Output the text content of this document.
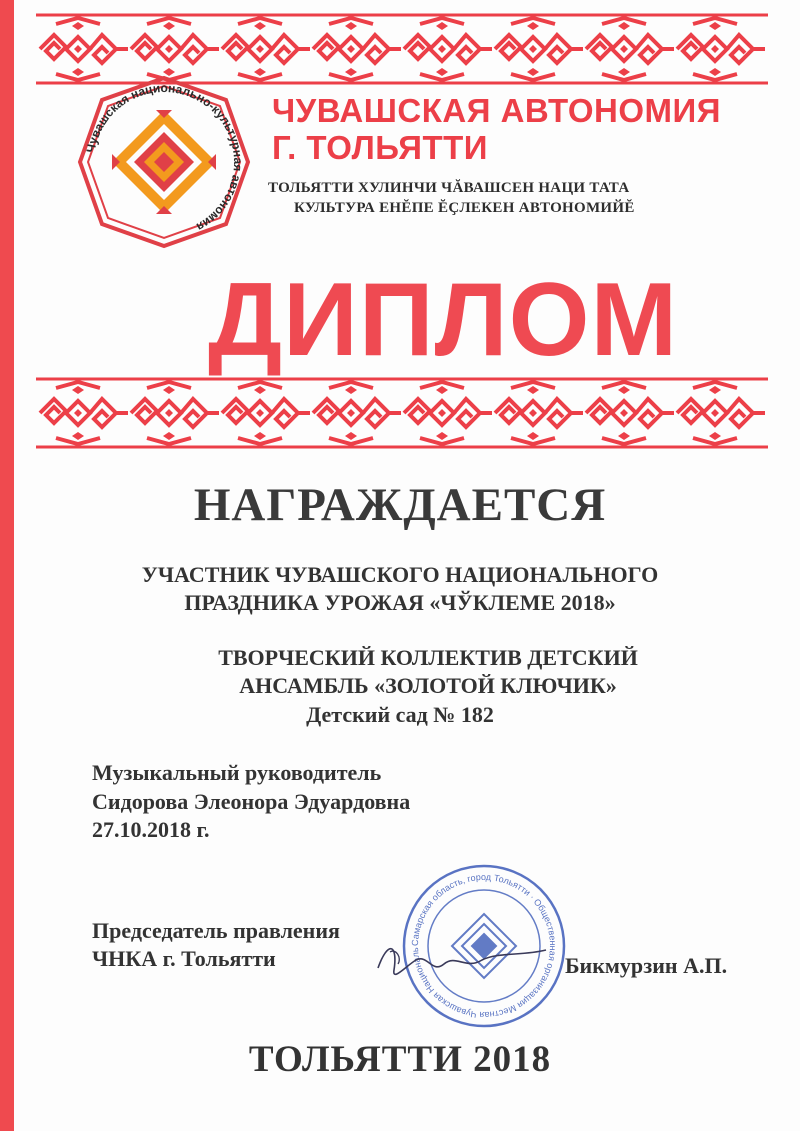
Чувашская национально-культурная автономия
ЧУВАШСКАЯ АВТОНОМИЯ
Г. ТОЛЬЯТТИ
ТОЛЬЯТТИ ХУЛИНЧИ ЧĂВАШСЕН НАЦИ ТАТА
КУЛЬТУРА ЕНĔПЕ ĔҪЛЕКЕН АВТОНОМИЙĔ
ДИПЛОМ
НАГРАЖДАЕТСЯ
УЧАСТНИК ЧУВАШСКОГО НАЦИОНАЛЬНОГО
ПРАЗДНИКА УРОЖАЯ «ЧЎКЛЕМЕ 2018»
ТВОРЧЕСКИЙ КОЛЛЕКТИВ ДЕТСКИЙ
АНСАМБЛЬ «ЗОЛОТОЙ КЛЮЧИК»
Детский сад № 182
Музыкальный руководитель
Сидорова Элеонора Эдуардовна
27.10.2018 г.
Председатель правления
ЧНКА г. Тольятти
Самарская область, город Тольятти · Общественная организация Местная Чувашская Националь
Бикмурзин А.П.
ТОЛЬЯТТИ 2018
